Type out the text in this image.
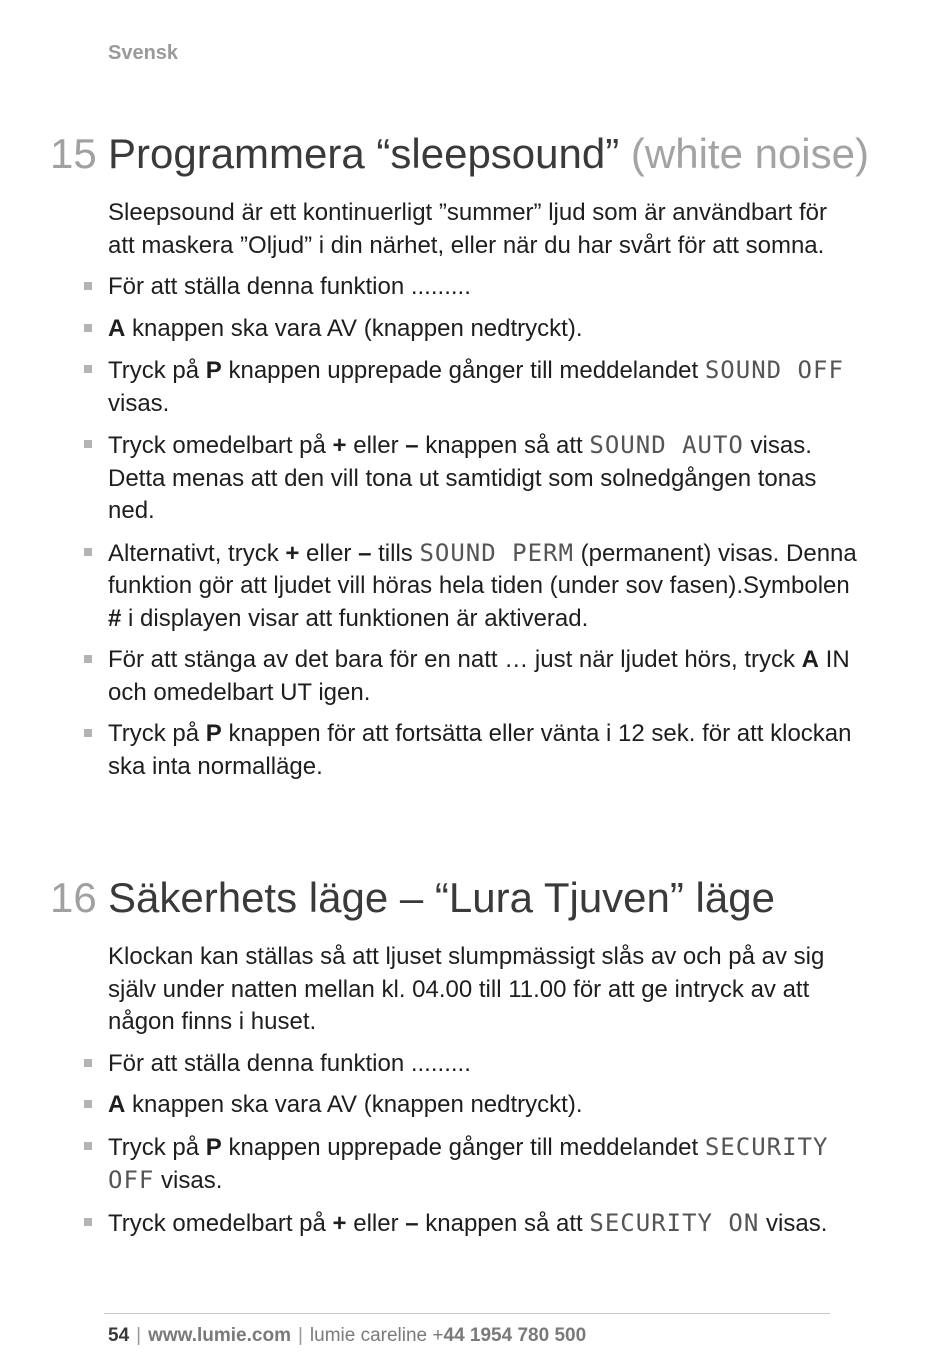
Svensk
15 Programmera “sleepsound” (white noise)

Sleepsound är ett kontinuerligt ”summer” ljud som är användbart för att maskera ”Oljud” i din närhet, eller när du har svårt för att somna.

För att ställa denna funktion .........
A knappen ska vara AV (knappen nedtryckt).
Tryck på P knappen upprepade gånger till meddelandet SOUND OFF visas.
Tryck omedelbart på + eller – knappen så att SOUND AUTO visas. Detta menas att den vill tona ut samtidigt som solnedgången tonas ned.
Alternativt, tryck + eller – tills SOUND PERM (permanent) visas. Denna funktion gör att ljudet vill höras hela tiden (under sov fasen).Symbolen # i displayen visar att funktionen är aktiverad.
För att stänga av det bara för en natt … just när ljudet hörs, tryck A IN och omedelbart UT igen.
Tryck på P knappen för att fortsätta eller vänta i 12 sek. för att klockan ska inta normalläge.
16 Säkerhets läge – “Lura Tjuven” läge

Klockan kan ställas så att ljuset slumpmässigt slås av och på av sig själv under natten mellan kl. 04.00 till 11.00 för att ge intryck av att någon finns i huset.

För att ställa denna funktion .........
A knappen ska vara AV (knappen nedtryckt).
Tryck på P knappen upprepade gånger till meddelandet SECURITY OFF visas.
Tryck omedelbart på + eller – knappen så att SECURITY ON visas.
54 | www.lumie.com | lumie careline +44 1954 780 500
